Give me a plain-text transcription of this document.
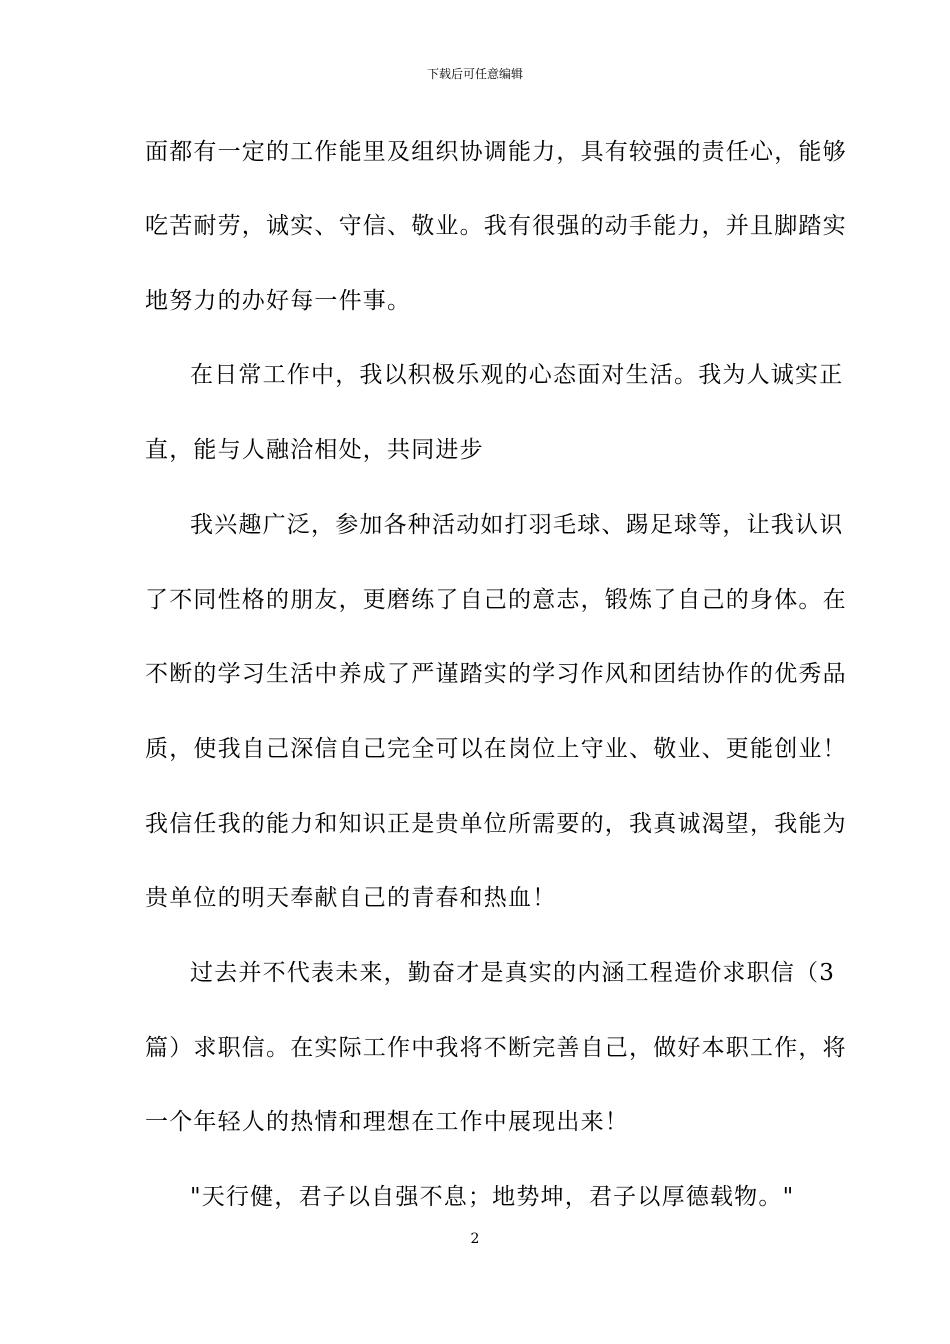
下载后可任意编辑
面都有一定的工作能里及组织协调能力，具有较强的责任心，能够
吃苦耐劳，诚实、守信、敬业。我有很强的动手能力，并且脚踏实
地努力的办好每一件事。
在日常工作中，我以积极乐观的心态面对生活。我为人诚实正
直，能与人融洽相处，共同进步
我兴趣广泛，参加各种活动如打羽毛球、踢足球等，让我认识
了不同性格的朋友，更磨练了自己的意志，锻炼了自己的身体。在
不断的学习生活中养成了严谨踏实的学习作风和团结协作的优秀品
质，使我自己深信自己完全可以在岗位上守业、敬业、更能创业！
我信任我的能力和知识正是贵单位所需要的，我真诚渴望，我能为
贵单位的明天奉献自己的青春和热血！
过去并不代表未来，勤奋才是真实的内涵工程造价求职信（3
篇）求职信。在实际工作中我将不断完善自己，做好本职工作，将
一个年轻人的热情和理想在工作中展现出来！
"天行健，君子以自强不息；地势坤，君子以厚德载物。"
2
